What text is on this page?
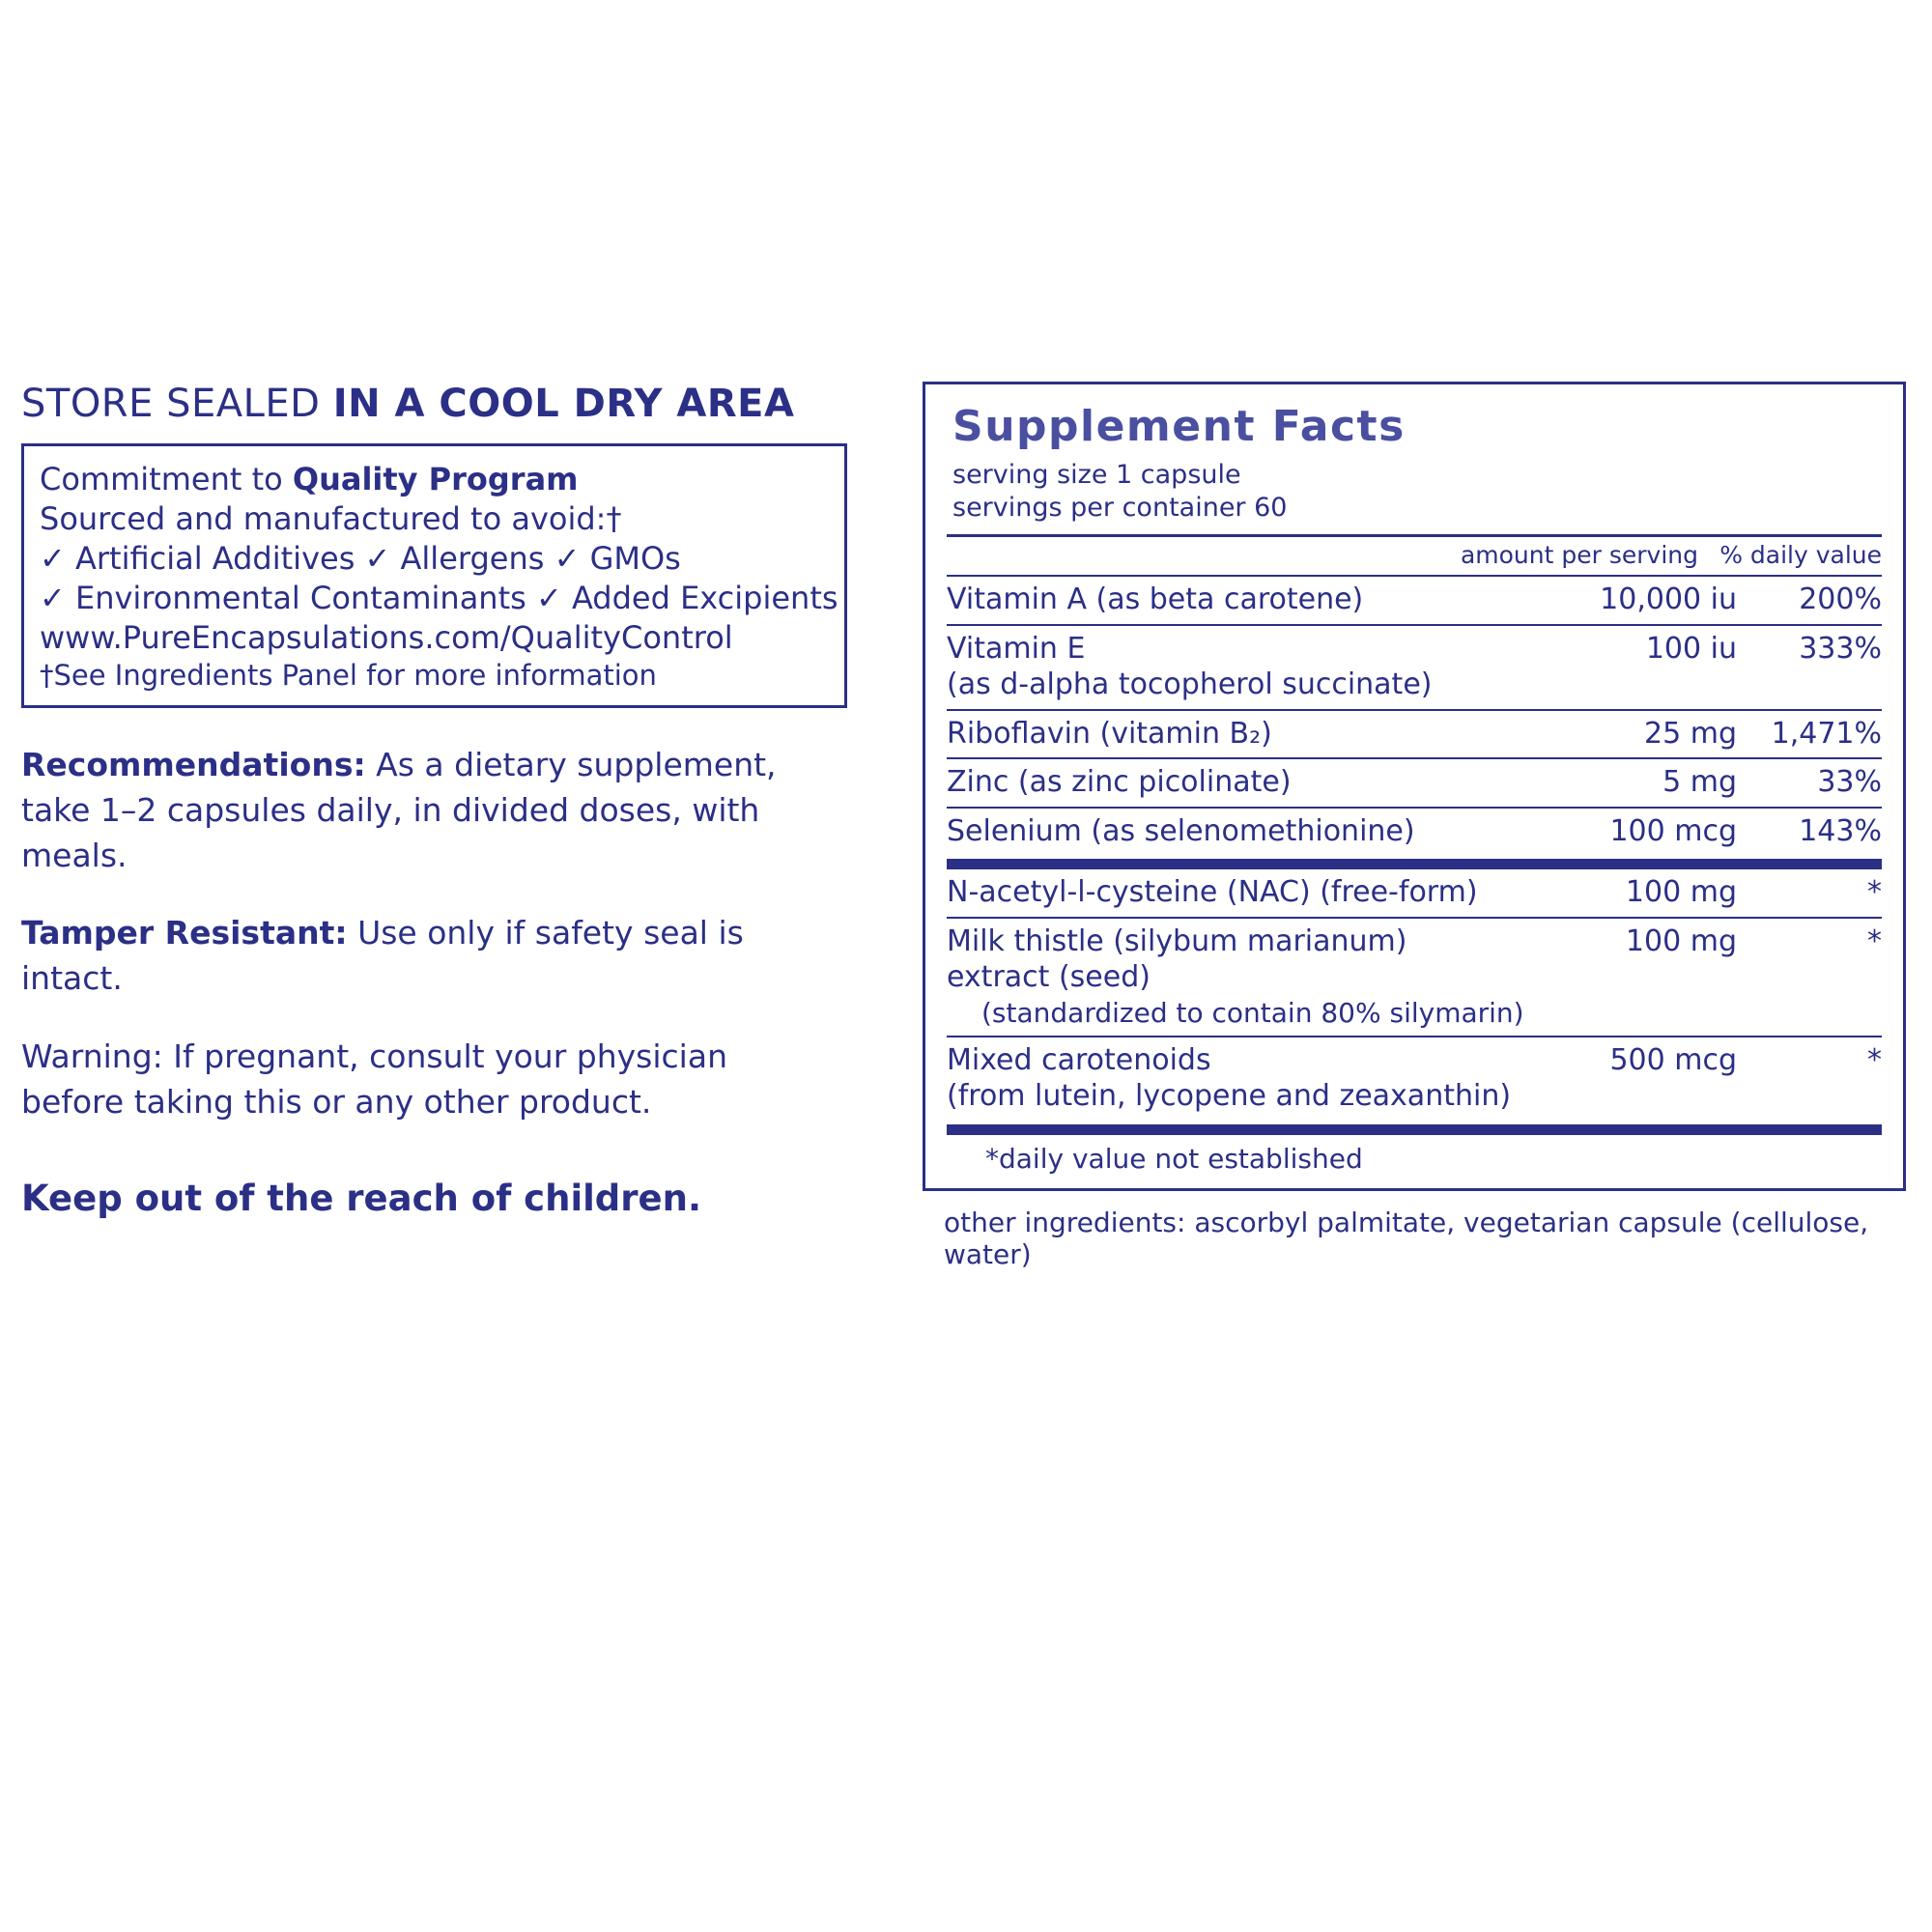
STORE SEALED IN A COOL DRY AREA
Commitment to Quality Program
Sourced and manufactured to avoid:†
✓ Artificial Additives ✓ Allergens ✓ GMOs
✓ Environmental Contaminants ✓ Added Excipients
www.PureEncapsulations.com/QualityControl
†See Ingredients Panel for more information

Recommendations: As a dietary supplement, take 1–2 capsules daily, in divided doses, with meals.

Tamper Resistant: Use only if safety seal is intact.

Warning: If pregnant, consult your physician before taking this or any other product.

Keep out of the reach of children.
Supplement Facts
serving size 1 capsule
servings per container 60
amount per serving % daily value
Vitamin A (as beta carotene)	10,000 iu	200%
Vitamin E
(as d-alpha tocopherol succinate)	100 iu	333%
Riboflavin (vitamin B₂)	25 mg	1,471%
Zinc (as zinc picolinate)	5 mg	33%
Selenium (as selenomethionine)	100 mcg	143%
N-acetyl-l-cysteine (NAC) (free-form)	100 mg	*
Milk thistle (silybum marianum)
extract (seed)
(standardized to contain 80% silymarin)	100 mg	*
Mixed carotenoids
(from lutein, lycopene and zeaxanthin)	500 mcg	*
*daily value not established
other ingredients: ascorbyl palmitate, vegetarian capsule (cellulose, water)
